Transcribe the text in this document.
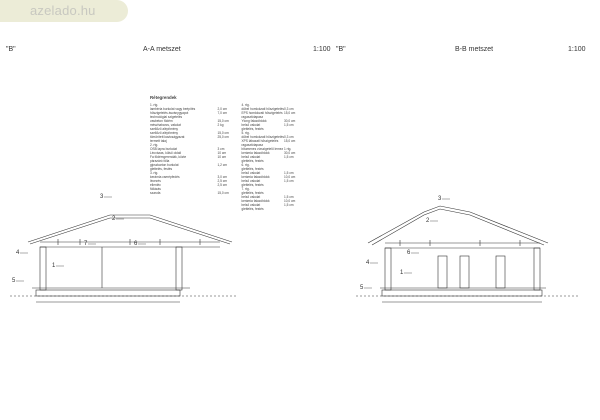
azelado.hu
"B"	A-A metszet	1:100 "B"	B-B metszet	1:100
Rétegrendek
1. rtg.
lambéria burkolat vagy beépítés	2,0 cm
hőszigetelés ásványgyapot	7,0 cm
technológiai szigetelés
vasbeton födém	15,0 cm
mészhabarcs, vakolat	2 kg
szellőző alépítmény
szellőző alépítmény	15,0 cm
tömörített kavicságyazat	25,0 cm
termett talaj
2. rtg.
OSB lapra burkolat	3 cm
Lécvázas, külső oldali	10 cm
Fa födémgerendák, közte	10 cm
párazáró fólia
gipszkarton burkolat	1,2 cm
glettelés, festés
3. rtg.
kerámia cserépfedés	3,0 cm
lécezés	2,5 cm
ellenléc	2,5 cm
fóliázás
szarufa	15,0 cm
4. rtg.
dűbel homlokzati hőszigetelés 0,3 cm
EPS homlokzati hőszigetelés 15,0 cm
ragasztótapasz
Ytong falazóblokk	30,0 cm
belső vakolat	1,5 cm
glettelés, festés
5. rtg.
dűbel homlokzati hőszigetelés 0,3 cm
XPS lábazati hőszigetelés 15,0 cm
ragasztótapasz
bitumenes vízszigetelő lemez 1 rtg.
kerámia falazóblokk	30,0 cm
belső vakolat	1,5 cm
glettelés, festés
6. rtg.
glettelés, festés
belső vakolat	1,5 cm
kerámia falazóblokk	10,0 cm
belső vakolat	1,5 cm
glettelés, festés
7. rtg.
glettelés, festés
belső vakolat	1,5 cm
kerámia falazóblokk	10,0 cm
belső vakolat	1,5 cm
glettelés, festés
3
2
7	6
1
4
5
3
2
6
1
4
5
